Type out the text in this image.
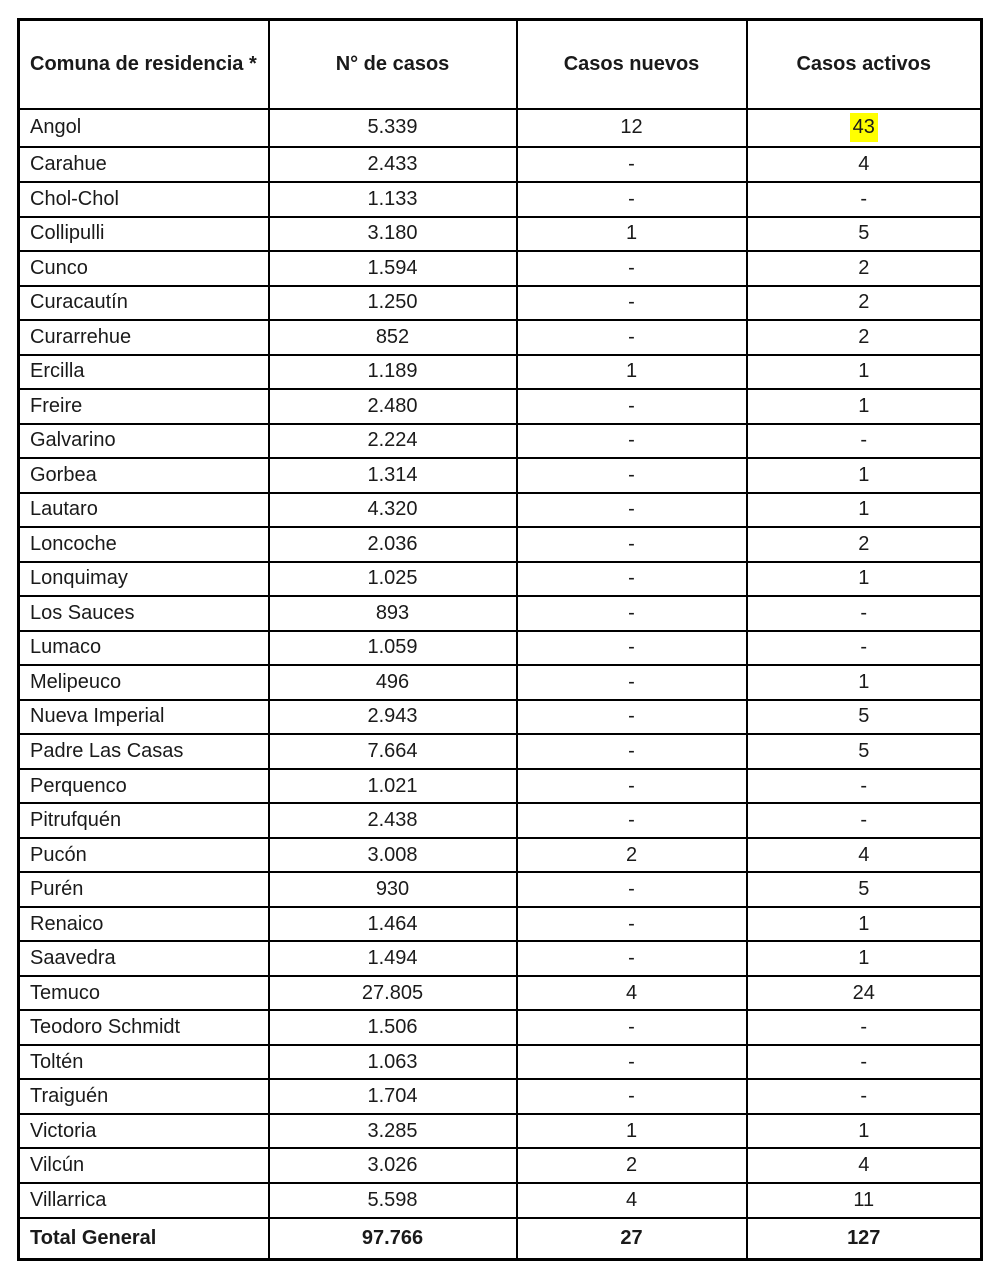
Comuna de residencia *	N° de casos	Casos nuevos	Casos activos
Angol	5.339	12	43
Carahue	2.433	-	4
Chol-Chol	1.133	-	-
Collipulli	3.180	1	5
Cunco	1.594	-	2
Curacautín	1.250	-	2
Curarrehue	852	-	2
Ercilla	1.189	1	1
Freire	2.480	-	1
Galvarino	2.224	-	-
Gorbea	1.314	-	1
Lautaro	4.320	-	1
Loncoche	2.036	-	2
Lonquimay	1.025	-	1
Los Sauces	893	-	-
Lumaco	1.059	-	-
Melipeuco	496	-	1
Nueva Imperial	2.943	-	5
Padre Las Casas	7.664	-	5
Perquenco	1.021	-	-
Pitrufquén	2.438	-	-
Pucón	3.008	2	4
Purén	930	-	5
Renaico	1.464	-	1
Saavedra	1.494	-	1
Temuco	27.805	4	24
Teodoro Schmidt	1.506	-	-
Toltén	1.063	-	-
Traiguén	1.704	-	-
Victoria	3.285	1	1
Vilcún	3.026	2	4
Villarrica	5.598	4	11
Total General	97.766	27	127
